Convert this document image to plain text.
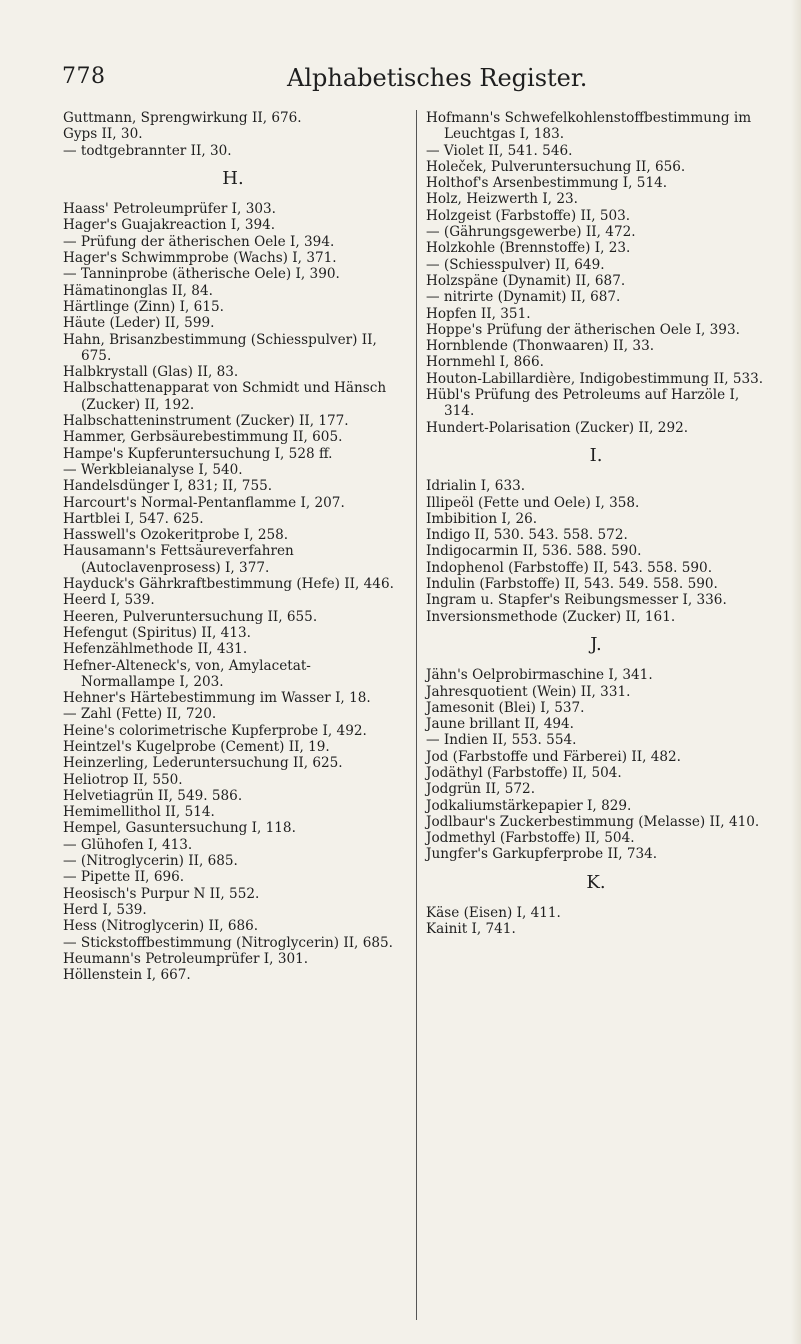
778	Alphabetisches Register.
Guttmann, Sprengwirkung II, 676.
Gyps II, 30.
— todtgebrannter II, 30.
H.
Haass' Petroleumprüfer I, 303.
Hager's Guajakreaction I, 394.
— Prüfung der ätherischen Oele I, 394.
Hager's Schwimmprobe (Wachs) I, 371.
— Tanninprobe (ätherische Oele) I, 390.
Hämatinonglas II, 84.
Härtlinge (Zinn) I, 615.
Häute (Leder) II, 599.
Hahn, Brisanzbestimmung (Schiesspulver) II, 675.
Halbkrystall (Glas) II, 83.
Halbschattenapparat von Schmidt und Hänsch (Zucker) II, 192.
Halbschatteninstrument (Zucker) II, 177.
Hammer, Gerbsäurebestimmung II, 605.
Hampe's Kupferuntersuchung I, 528 ff.
— Werkbleianalyse I, 540.
Handelsdünger I, 831; II, 755.
Harcourt's Normal-Pentanflamme I, 207.
Hartblei I, 547. 625.
Hasswell's Ozokeritprobe I, 258.
Hausamann's Fettsäureverfahren (Autoclavenprosess) I, 377.
Hayduck's Gährkraftbestimmung (Hefe) II, 446.
Heerd I, 539.
Heeren, Pulveruntersuchung II, 655.
Hefengut (Spiritus) II, 413.
Hefenzählmethode II, 431.
Hefner-Alteneck's, von, Amylacetat-Normallampe I, 203.
Hehner's Härtebestimmung im Wasser I, 18.
— Zahl (Fette) II, 720.
Heine's colorimetrische Kupferprobe I, 492.
Heintzel's Kugelprobe (Cement) II, 19.
Heinzerling, Lederuntersuchung II, 625.
Heliotrop II, 550.
Helvetiagrün II, 549. 586.
Hemimellithol II, 514.
Hempel, Gasuntersuchung I, 118.
— Glühofen I, 413.
— (Nitroglycerin) II, 685.
— Pipette II, 696.
Heosisch's Purpur N II, 552.
Herd I, 539.
Hess (Nitroglycerin) II, 686.
— Stickstoffbestimmung (Nitroglycerin) II, 685.
Heumann's Petroleumprüfer I, 301.
Höllenstein I, 667.
Hofmann's Schwefelkohlenstoffbestimmung im Leuchtgas I, 183.
— Violet II, 541. 546.
Holeček, Pulveruntersuchung II, 656.
Holthof's Arsenbestimmung I, 514.
Holz, Heizwerth I, 23.
Holzgeist (Farbstoffe) II, 503.
— (Gährungsgewerbe) II, 472.
Holzkohle (Brennstoffe) I, 23.
— (Schiesspulver) II, 649.
Holzspäne (Dynamit) II, 687.
— nitrirte (Dynamit) II, 687.
Hopfen II, 351.
Hoppe's Prüfung der ätherischen Oele I, 393.
Hornblende (Thonwaaren) II, 33.
Hornmehl I, 866.
Houton-Labillardière, Indigobestimmung II, 533.
Hübl's Prüfung des Petroleums auf Harzöle I, 314.
Hundert-Polarisation (Zucker) II, 292.
I.
Idrialin I, 633.
Illipeöl (Fette und Oele) I, 358.
Imbibition I, 26.
Indigo II, 530. 543. 558. 572.
Indigocarmin II, 536. 588. 590.
Indophenol (Farbstoffe) II, 543. 558. 590.
Indulin (Farbstoffe) II, 543. 549. 558. 590.
Ingram u. Stapfer's Reibungsmesser I, 336.
Inversionsmethode (Zucker) II, 161.
J.
Jähn's Oelprobirmaschine I, 341.
Jahresquotient (Wein) II, 331.
Jamesonit (Blei) I, 537.
Jaune brillant II, 494.
— Indien II, 553. 554.
Jod (Farbstoffe und Färberei) II, 482.
Jodäthyl (Farbstoffe) II, 504.
Jodgrün II, 572.
Jodkaliumstärkepapier I, 829.
Jodlbaur's Zuckerbestimmung (Melasse) II, 410.
Jodmethyl (Farbstoffe) II, 504.
Jungfer's Garkupferprobe II, 734.
K.
Käse (Eisen) I, 411.
Kainit I, 741.
